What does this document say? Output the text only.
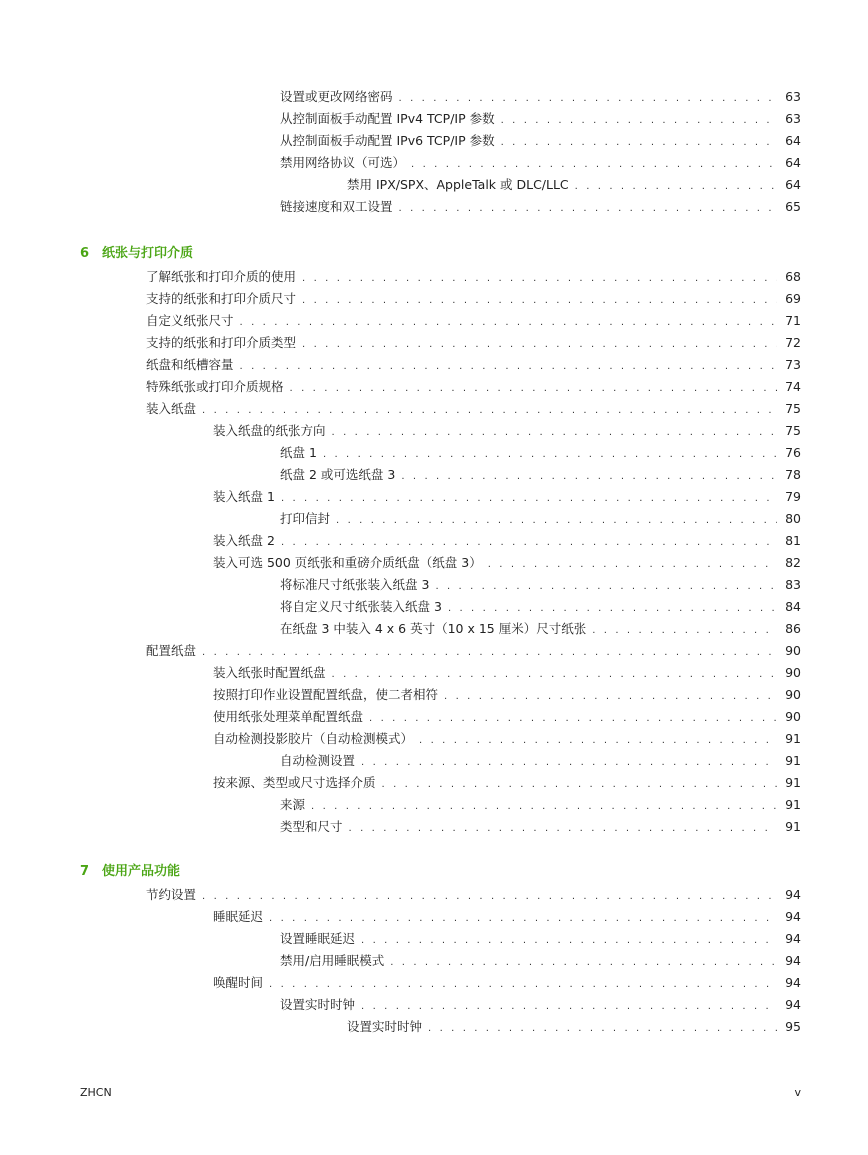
设置或更改网络密码 . . .	63
从控制面板手动配置 IPv4 TCP/IP 参数 . . .	63
从控制面板手动配置 IPv6 TCP/IP 参数 . . .	64
禁用网络协议（可选） . . .	64
禁用 IPX/SPX、AppleTalk 或 DLC/LLC . . .	64
链接速度和双工设置 . . .	65
6 纸张与打印介质
了解纸张和打印介质的使用 . . .	68
支持的纸张和打印介质尺寸 . . .	69
自定义纸张尺寸 . . .	71
支持的纸张和打印介质类型 . . .	72
纸盘和纸槽容量 . . .	73
特殊纸张或打印介质规格 . . .	74
装入纸盘 . . .	75
装入纸盘的纸张方向 . . .	75
纸盘 1 . . .	76
纸盘 2 或可选纸盘 3 . . .	78
装入纸盘 1 . . .	79
打印信封 . . .	80
装入纸盘 2 . . .	81
装入可选 500 页纸张和重磅介质纸盘（纸盘 3） . . .	82
将标准尺寸纸张装入纸盘 3 . . .	83
将自定义尺寸纸张装入纸盘 3 . . .	84
在纸盘 3 中装入 4 x 6 英寸（10 x 15 厘米）尺寸纸张 . . .	86
配置纸盘 . . .	90
装入纸张时配置纸盘 . . .	90
按照打印作业设置配置纸盘，使二者相符 . . .	90
使用纸张处理菜单配置纸盘 . . .	90
自动检测投影胶片（自动检测模式） . . .	91
自动检测设置 . . .	91
按来源、类型或尺寸选择介质 . . .	91
来源 . . .	91
类型和尺寸 . . .	91
7 使用产品功能
节约设置 . . .	94
睡眠延迟 . . .	94
设置睡眠延迟 . . .	94
禁用/启用睡眠模式 . . .	94
唤醒时间 . . .	94
设置实时时钟 . . .	94
设置实时时钟 . . .	95
ZHCN	v
